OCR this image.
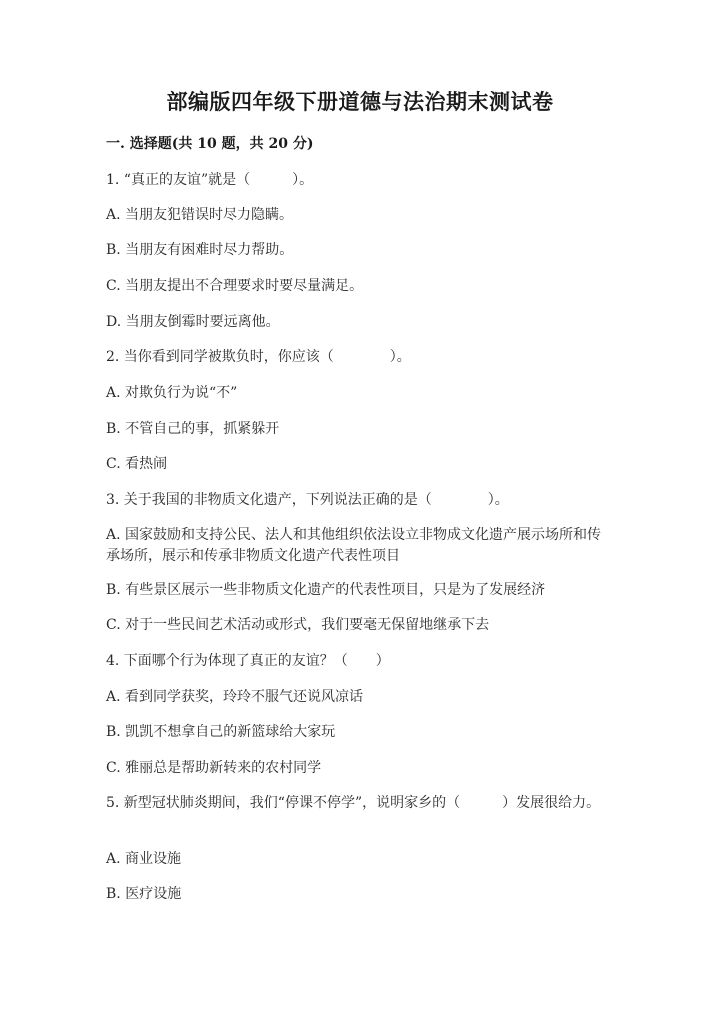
部编版四年级下册道德与法治期末测试卷
一. 选择题(共 10 题，共 20 分)
1. “真正的友谊”就是（　　　）。
A. 当朋友犯错误时尽力隐瞒。
B. 当朋友有困难时尽力帮助。
C. 当朋友提出不合理要求时要尽量满足。
D. 当朋友倒霉时要远离他。
2. 当你看到同学被欺负时，你应该（　　　　）。
A. 对欺负行为说“不”
B. 不管自己的事，抓紧躲开
C. 看热闹
3. 关于我国的非物质文化遗产，下列说法正确的是（　　　　）。
A. 国家鼓励和支持公民、法人和其他组织依法设立非物成文化遗产展示场所和传承场所，展示和传承非物质文化遗产代表性项目
B. 有些景区展示一些非物质文化遗产的代表性项目，只是为了发展经济
C. 对于一些民间艺术活动或形式，我们要毫无保留地继承下去
4. 下面哪个行为体现了真正的友谊？（　　）
A. 看到同学获奖，玲玲不服气还说风凉话
B. 凯凯不想拿自己的新篮球给大家玩
C. 雅丽总是帮助新转来的农村同学
5. 新型冠状肺炎期间，我们“停课不停学”，说明家乡的（　　　）发展很给力。
A. 商业设施
B. 医疗设施
